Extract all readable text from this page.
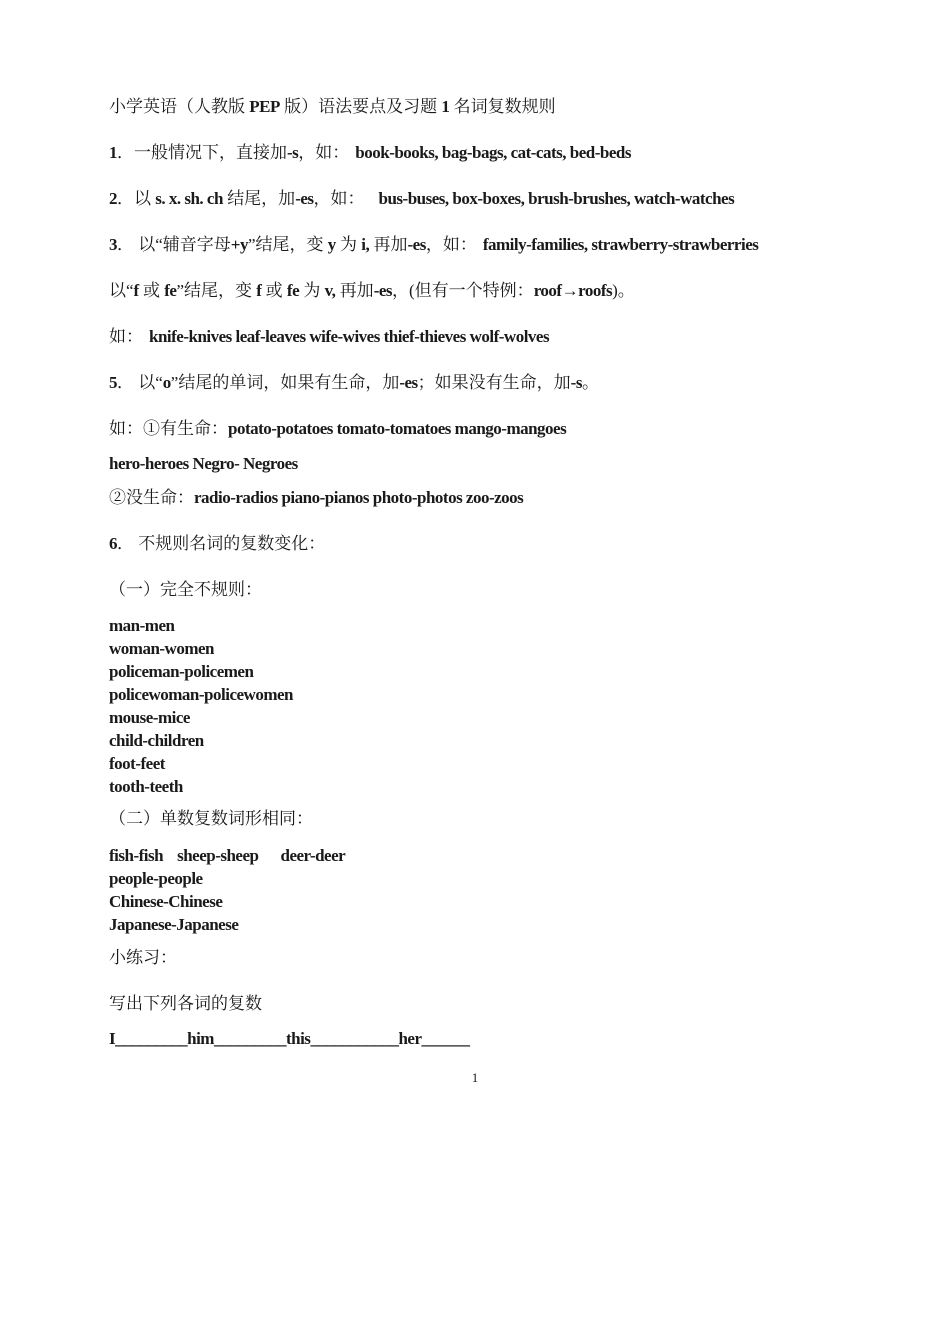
小学英语（人教版 PEP 版）语法要点及习题 1 名词复数规则
1．一般情况下，直接加-s，如： book-books, bag-bags, cat-cats, bed-beds
2．以 s. x. sh. ch 结尾，加-es，如： bus-buses, box-boxes, brush-brushes, watch-watches
3． 以“辅音字母+y”结尾，变 y 为 i, 再加-es，如： family-families, strawberry-strawberries
以“f 或 fe”结尾，变 f 或 fe 为 v, 再加-es，(但有一个特例：roof→roofs)。
如： knife-knives leaf-leaves wife-wives thief-thieves wolf-wolves
5． 以“o”结尾的单词，如果有生命，加-es；如果没有生命，加-s。
如：①有生命：potato-potatoes tomato-tomatoes mango-mangoes
hero-heroes Negro- Negroes
②没生命：radio-radios piano-pianos photo-photos zoo-zoos
6． 不规则名词的复数变化：
（一）完全不规则：
man-men
woman-women
policeman-policemen
policewoman-policewomen
mouse-mice
child-children
foot-feet
tooth-teeth
（二）单数复数词形相同：
fish-fish sheep-sheep deer-deer
people-people
Chinese-Chinese
Japanese-Japanese
小练习：
写出下列各词的复数
I_________him_________this___________her______
1
